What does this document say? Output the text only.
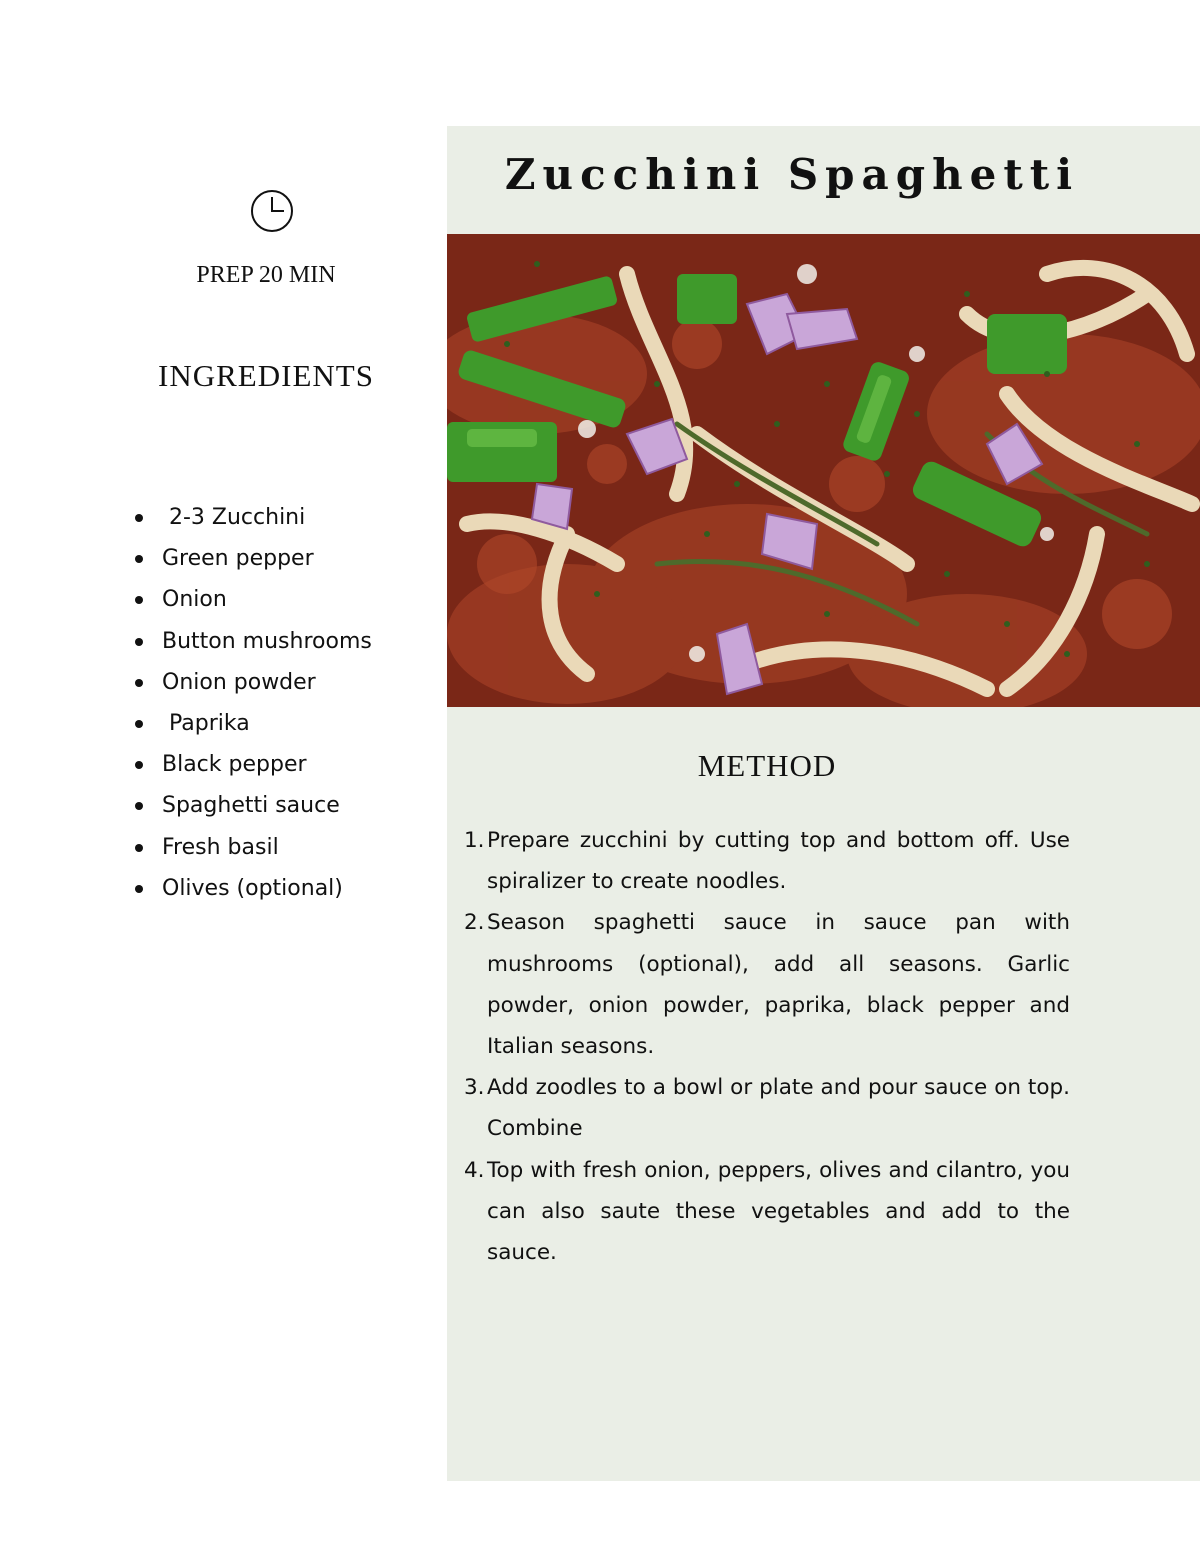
Zucchini Spaghetti
PREP 20 MIN
INGREDIENTS
2-3 Zucchini
Green pepper
Onion
Button mushrooms
Onion powder
Paprika
Black pepper
Spaghetti sauce
Fresh basil
Olives (optional)
METHOD
1. Prepare zucchini by cutting top and bottom off. Use spiralizer to create noodles.
2. Season spaghetti sauce in sauce pan with mushrooms (optional), add all seasons. Garlic powder, onion powder, paprika, black pepper and Italian seasons.
3. Add zoodles to a bowl or plate and pour sauce on top. Combine
4. Top with fresh onion, peppers, olives and cilantro, you can also saute these vegetables and add to the sauce.
